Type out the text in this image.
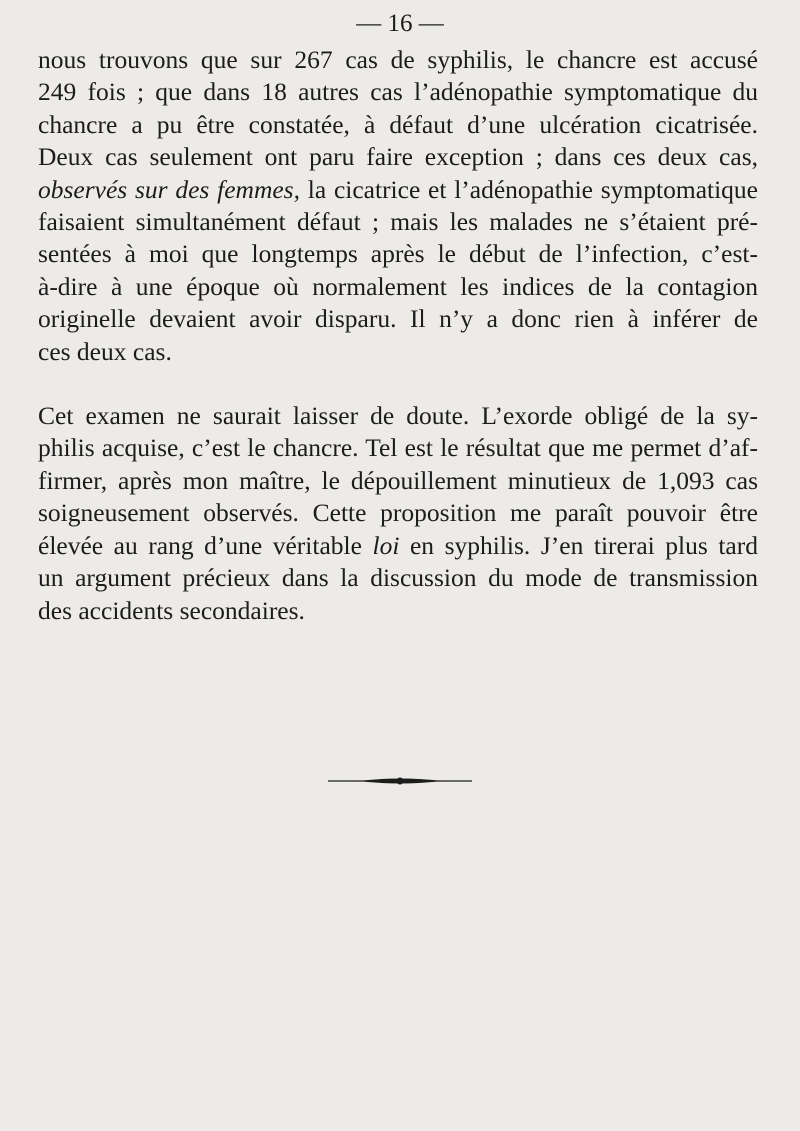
— 16 —

nous trouvons que sur 267 cas de syphilis, le chancre est accusé
249 fois ; que dans 18 autres cas l’adénopathie symptomatique du
chancre a pu être constatée, à défaut d’une ulcération cicatrisée.
Deux cas seulement ont paru faire exception ; dans ces deux cas,
observés sur des femmes, la cicatrice et l’adénopathie symptomatique
faisaient simultanément défaut ; mais les malades ne s’étaient pré-
sentées à moi que longtemps après le début de l’infection, c’est-
à-dire à une époque où normalement les indices de la contagion
originelle devaient avoir disparu. Il n’y a donc rien à inférer de
ces deux cas.

Cet examen ne saurait laisser de doute. L’exorde obligé de la sy-
philis acquise, c’est le chancre. Tel est le résultat que me permet d’af-
firmer, après mon maître, le dépouillement minutieux de 1,093 cas
soigneusement observés. Cette proposition me paraît pouvoir être
élevée au rang d’une véritable loi en syphilis. J’en tirerai plus tard
un argument précieux dans la discussion du mode de transmission
des accidents secondaires.
